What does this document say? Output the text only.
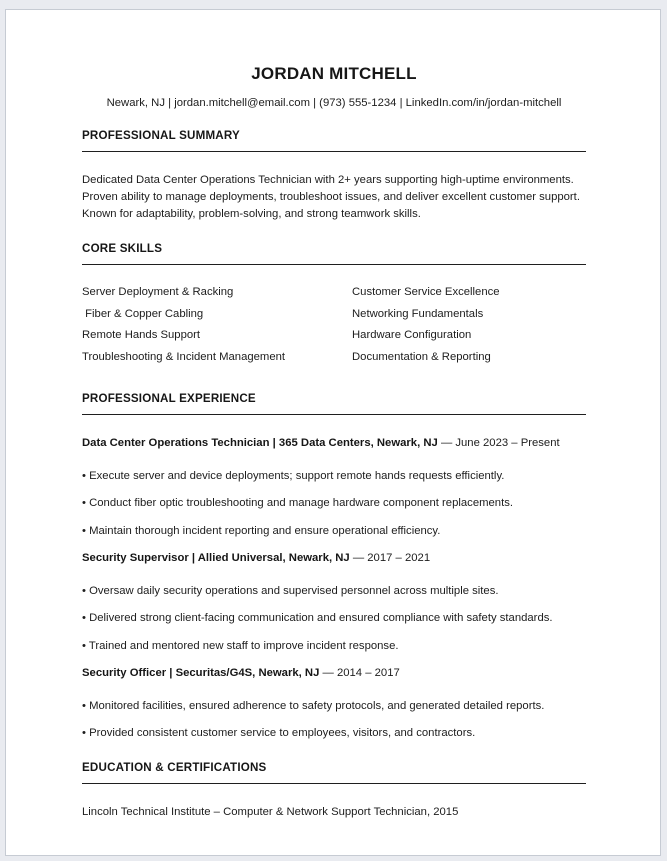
JORDAN MITCHELL
Newark, NJ | jordan.mitchell@email.com | (973) 555-1234 | LinkedIn.com/in/jordan-mitchell
PROFESSIONAL SUMMARY

Dedicated Data Center Operations Technician with 2+ years supporting high-uptime environments.
Proven ability to manage deployments, troubleshoot issues, and deliver excellent customer support.
Known for adaptability, problem-solving, and strong teamwork skills.

CORE SKILLS
Server Deployment & Racking
Fiber & Copper Cabling
Remote Hands Support
Troubleshooting & Incident Management
Customer Service Excellence
Networking Fundamentals
Hardware Configuration
Documentation & Reporting
PROFESSIONAL EXPERIENCE

Data Center Operations Technician | 365 Data Centers, Newark, NJ — June 2023 – Present

• Execute server and device deployments; support remote hands requests efficiently.

• Conduct fiber optic troubleshooting and manage hardware component replacements.

• Maintain thorough incident reporting and ensure operational efficiency.

Security Supervisor | Allied Universal, Newark, NJ — 2017 – 2021

• Oversaw daily security operations and supervised personnel across multiple sites.

• Delivered strong client-facing communication and ensured compliance with safety standards.

• Trained and mentored new staff to improve incident response.

Security Officer | Securitas/G4S, Newark, NJ — 2014 – 2017

• Monitored facilities, ensured adherence to safety protocols, and generated detailed reports.

• Provided consistent customer service to employees, visitors, and contractors.

EDUCATION & CERTIFICATIONS

Lincoln Technical Institute – Computer & Network Support Technician, 2015
